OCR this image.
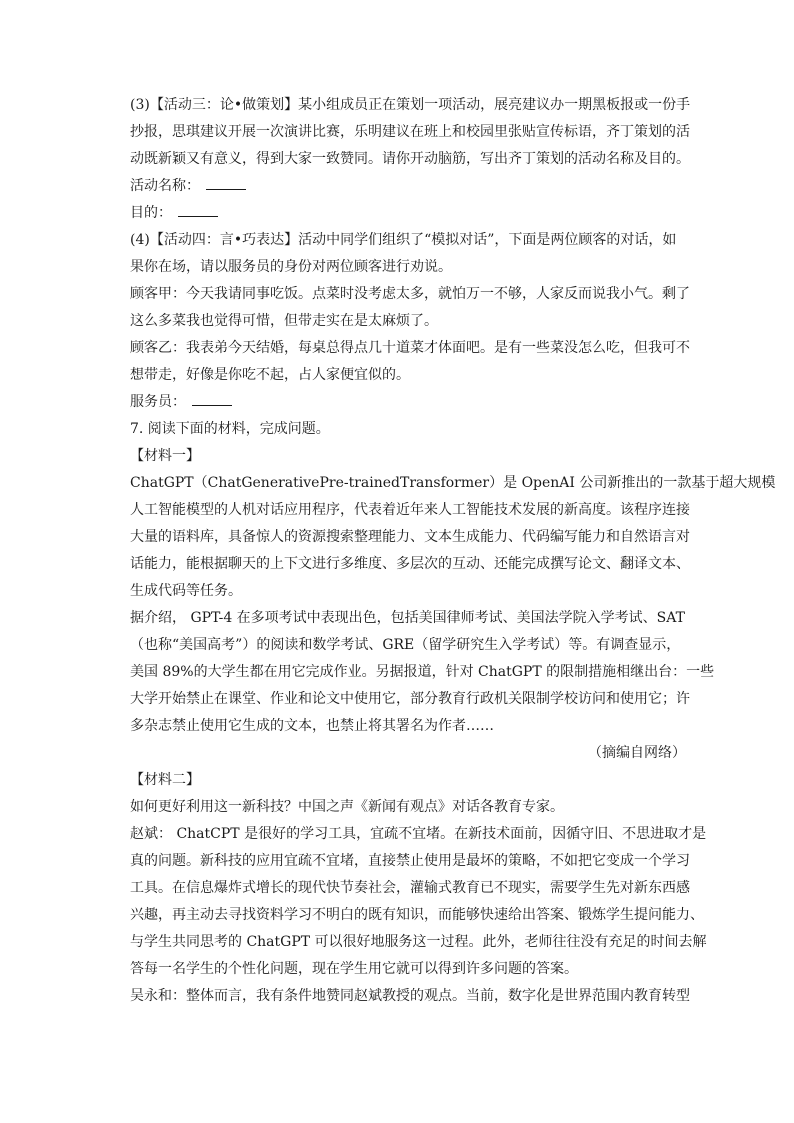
(3)【活动三：论•做策划】某小组成员正在策划一项活动，展亮建议办一期黑板报或一份手
抄报，思琪建议开展一次演讲比赛，乐明建议在班上和校园里张贴宣传标语，齐丁策划的活
动既新颖又有意义，得到大家一致赞同。请你开动脑筋，写出齐丁策划的活动名称及目的。
活动名称：
目的：
(4)【活动四：言•巧表达】活动中同学们组织了“模拟对话”，下面是两位顾客的对话，如
果你在场，请以服务员的身份对两位顾客进行劝说。
顾客甲：今天我请同事吃饭。点菜时没考虑太多，就怕万一不够，人家反而说我小气。剩了
这么多菜我也觉得可惜，但带走实在是太麻烦了。
顾客乙：我表弟今天结婚，每桌总得点几十道菜才体面吧。是有一些菜没怎么吃，但我可不
想带走，好像是你吃不起，占人家便宜似的。
服务员：
7. 阅读下面的材料，完成问题。
【材料一】
ChatGPT（ChatGenerativePre-trainedTransformer）是 OpenAI 公司新推出的一款基于超大规模
人工智能模型的人机对话应用程序，代表着近年来人工智能技术发展的新高度。该程序连接
大量的语料库，具备惊人的资源搜索整理能力、文本生成能力、代码编写能力和自然语言对
话能力，能根据聊天的上下文进行多维度、多层次的互动、还能完成撰写论文、翻译文本、
生成代码等任务。
据介绍， GPT-4 在多项考试中表现出色，包括美国律师考试、美国法学院入学考试、SAT
（也称“美国高考”）的阅读和数学考试、GRE（留学研究生入学考试）等。有调查显示，
美国 89%的大学生都在用它完成作业。另据报道，针对 ChatGPT 的限制措施相继出台：一些
大学开始禁止在课堂、作业和论文中使用它，部分教育行政机关限制学校访问和使用它；许
多杂志禁止使用它生成的文本，也禁止将其署名为作者……
（摘编自网络）
【材料二】
如何更好利用这一新科技？中国之声《新闻有观点》对话各教育专家。
赵斌： ChatCPT 是很好的学习工具，宜疏不宜堵。在新技术面前，因循守旧、不思进取才是
真的问题。新科技的应用宜疏不宜堵，直接禁止使用是最坏的策略，不如把它变成一个学习
工具。在信息爆炸式增长的现代快节奏社会，灌输式教育已不现实，需要学生先对新东西感
兴趣，再主动去寻找资料学习不明白的既有知识，而能够快速给出答案、锻炼学生提问能力、
与学生共同思考的 ChatGPT 可以很好地服务这一过程。此外，老师往往没有充足的时间去解
答每一名学生的个性化问题，现在学生用它就可以得到许多问题的答案。
吴永和：整体而言，我有条件地赞同赵斌教授的观点。当前，数字化是世界范围内教育转型
